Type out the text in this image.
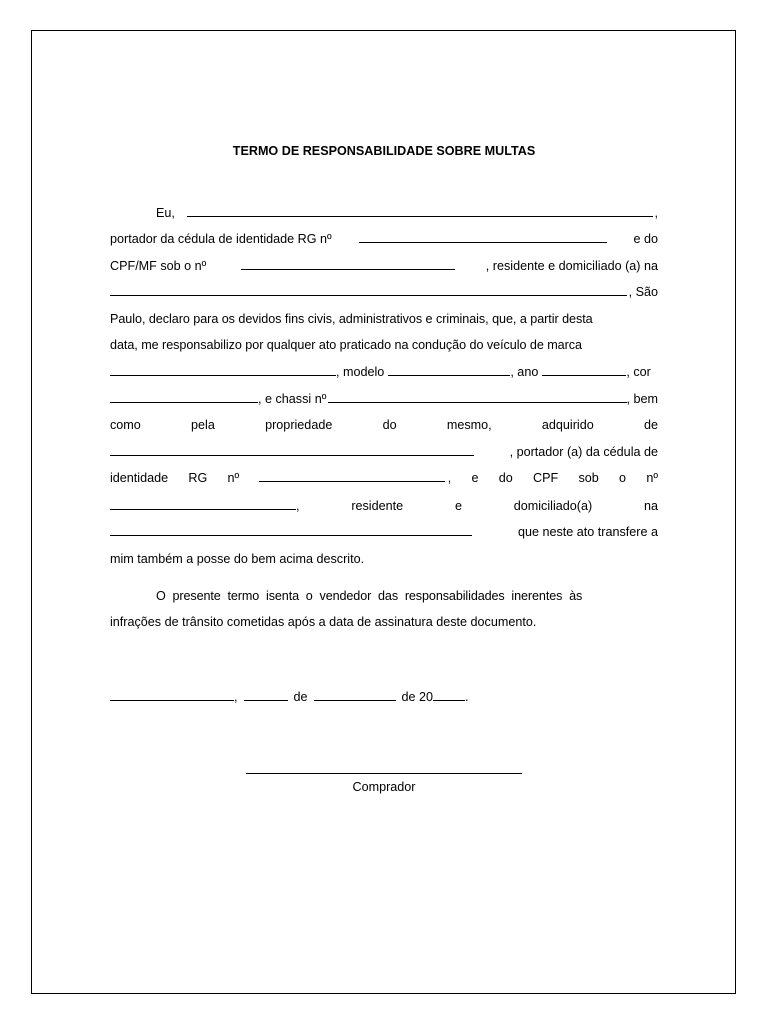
TERMO DE RESPONSABILIDADE SOBRE MULTAS
Eu,	,
portador da cédula de identidade RG nº	e do
CPF/MF sob o nº	, residente e domiciliado (a) na
, São
Paulo, declaro para os devidos fins civis, administrativos e criminais, que, a partir desta
data, me responsabilizo por qualquer ato praticado na condução do veículo de marca
, modelo	, ano	, cor
, e chassi nº	, bem
como	pela	propriedade	do	mesmo,	adquirido	de
, portador (a) da cédula de
identidade RG nº	, e do CPF sob o nº
,	residente	e	domiciliado(a)	na
que neste ato transfere a
mim também a posse do bem acima descrito.
O  presente  termo  isenta  o  vendedor  das  responsabilidades  inerentes  às
infrações de trânsito cometidas após a data de assinatura deste documento.
,	de	de 20	.
Comprador
